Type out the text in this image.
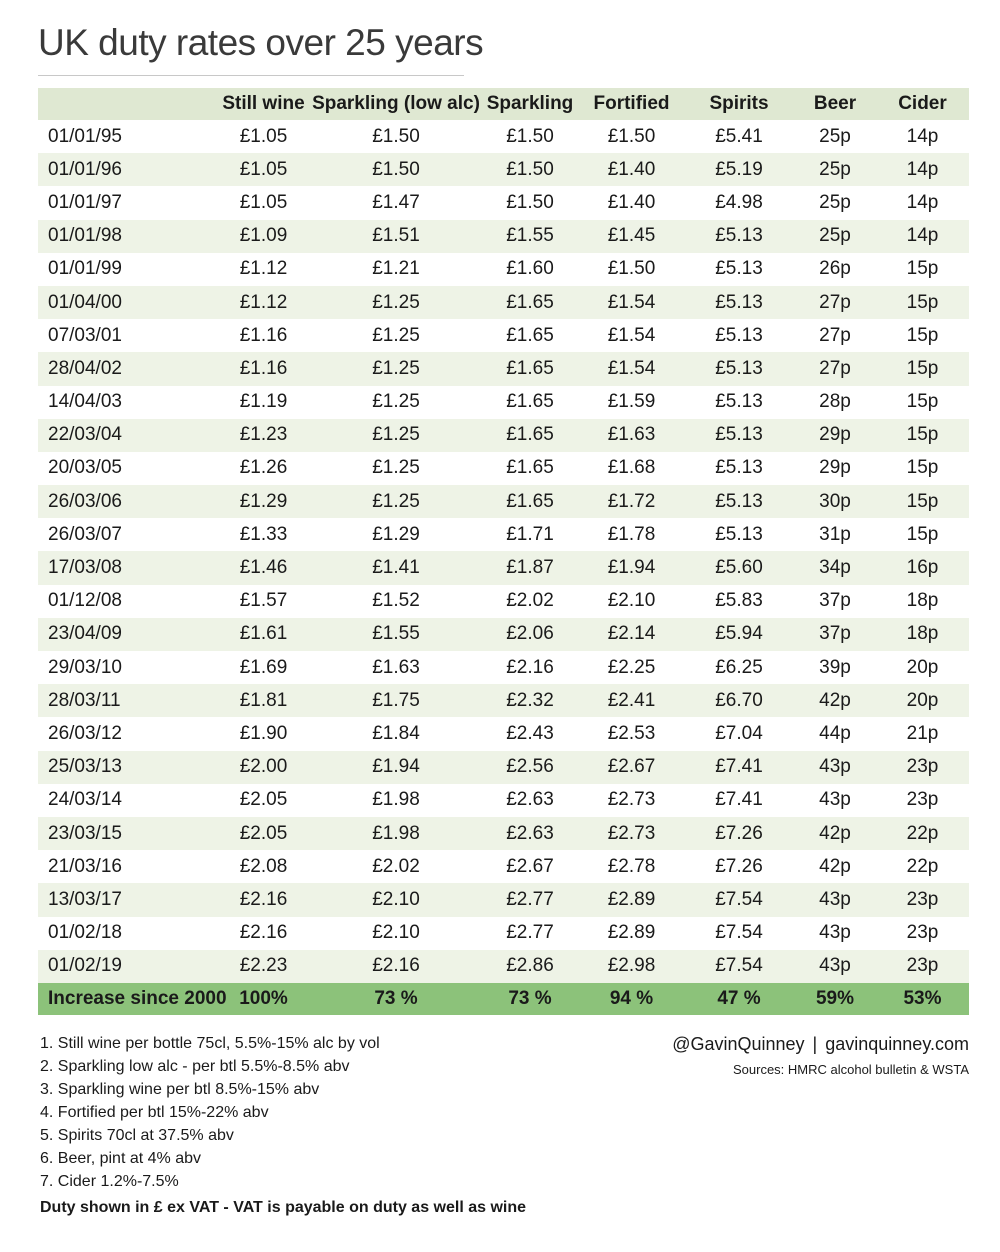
UK duty rates over 25 years
	Still wine	Sparkling (low alc)	Sparkling	Fortified	Spirits	Beer	Cider
01/01/95	£1.05	£1.50	£1.50	£1.50	£5.41	25p	14p
01/01/96	£1.05	£1.50	£1.50	£1.40	£5.19	25p	14p
01/01/97	£1.05	£1.47	£1.50	£1.40	£4.98	25p	14p
01/01/98	£1.09	£1.51	£1.55	£1.45	£5.13	25p	14p
01/01/99	£1.12	£1.21	£1.60	£1.50	£5.13	26p	15p
01/04/00	£1.12	£1.25	£1.65	£1.54	£5.13	27p	15p
07/03/01	£1.16	£1.25	£1.65	£1.54	£5.13	27p	15p
28/04/02	£1.16	£1.25	£1.65	£1.54	£5.13	27p	15p
14/04/03	£1.19	£1.25	£1.65	£1.59	£5.13	28p	15p
22/03/04	£1.23	£1.25	£1.65	£1.63	£5.13	29p	15p
20/03/05	£1.26	£1.25	£1.65	£1.68	£5.13	29p	15p
26/03/06	£1.29	£1.25	£1.65	£1.72	£5.13	30p	15p
26/03/07	£1.33	£1.29	£1.71	£1.78	£5.13	31p	15p
17/03/08	£1.46	£1.41	£1.87	£1.94	£5.60	34p	16p
01/12/08	£1.57	£1.52	£2.02	£2.10	£5.83	37p	18p
23/04/09	£1.61	£1.55	£2.06	£2.14	£5.94	37p	18p
29/03/10	£1.69	£1.63	£2.16	£2.25	£6.25	39p	20p
28/03/11	£1.81	£1.75	£2.32	£2.41	£6.70	42p	20p
26/03/12	£1.90	£1.84	£2.43	£2.53	£7.04	44p	21p
25/03/13	£2.00	£1.94	£2.56	£2.67	£7.41	43p	23p
24/03/14	£2.05	£1.98	£2.63	£2.73	£7.41	43p	23p
23/03/15	£2.05	£1.98	£2.63	£2.73	£7.26	42p	22p
21/03/16	£2.08	£2.02	£2.67	£2.78	£7.26	42p	22p
13/03/17	£2.16	£2.10	£2.77	£2.89	£7.54	43p	23p
01/02/18	£2.16	£2.10	£2.77	£2.89	£7.54	43p	23p
01/02/19	£2.23	£2.16	£2.86	£2.98	£7.54	43p	23p
Increase since 2000	100%	73 %	73 %	94 %	47 %	59%	53%
1. Still wine per bottle 75cl, 5.5%-15% alc by vol
2. Sparkling low alc - per btl 5.5%-8.5% abv
3. Sparkling wine per btl 8.5%-15% abv
4. Fortified per btl 15%-22% abv
5. Spirits 70cl at 37.5% abv
6. Beer, pint at 4% abv
7. Cider 1.2%-7.5%
Duty shown in £ ex VAT - VAT is payable on duty as well as wine
@GavinQuinney | gavinquinney.com
Sources: HMRC alcohol bulletin & WSTA
